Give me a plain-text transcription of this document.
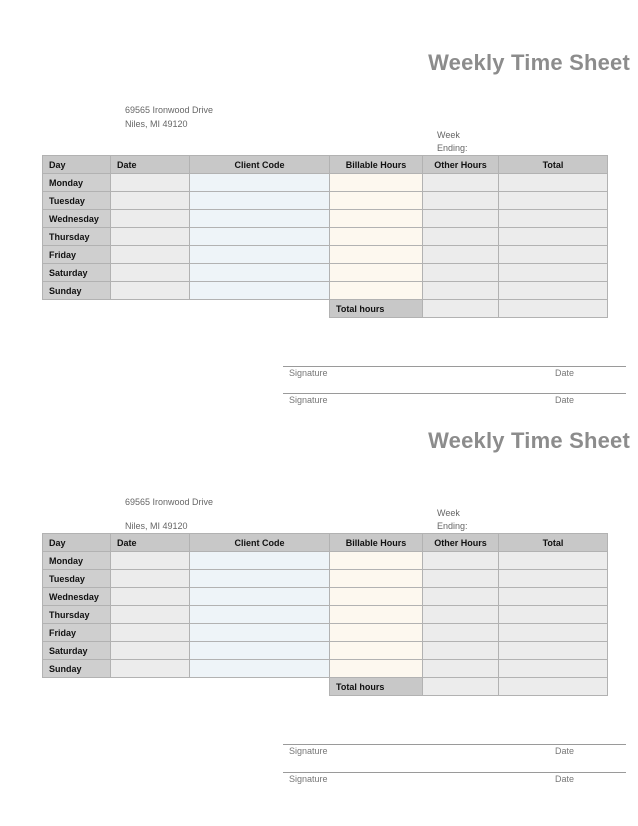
Weekly Time Sheet
69565 Ironwood Drive
Niles, MI 49120
Week
Ending:
Day	Date	Client Code	Billable Hours	Other Hours	Total
Monday					
Tuesday					
Wednesday					
Thursday					
Friday					
Saturday					
Sunday					
			Total hours		
Signature	Date
Signature	Date
Weekly Time Sheet
69565 Ironwood Drive
Niles, MI 49120
Week
Ending:
Day	Date	Client Code	Billable Hours	Other Hours	Total
Monday					
Tuesday					
Wednesday					
Thursday					
Friday					
Saturday					
Sunday					
			Total hours		
Signature	Date
Signature	Date
